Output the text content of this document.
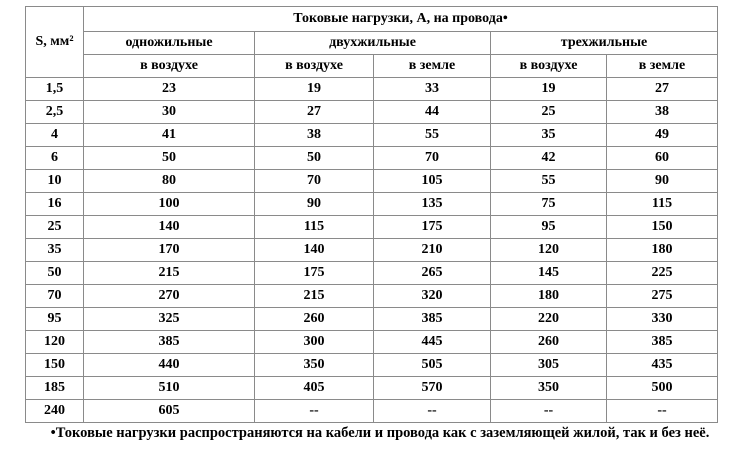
S, мм²	Токовые нагрузки, А, на провода•				
	одножильные	двухжильные		трехжильные	
	в воздухе	в воздухе	в земле	в воздухе	в земле
1,5	23	19	33	19	27
2,5	30	27	44	25	38
4	41	38	55	35	49
6	50	50	70	42	60
10	80	70	105	55	90
16	100	90	135	75	115
25	140	115	175	95	150
35	170	140	210	120	180
50	215	175	265	145	225
70	270	215	320	180	275
95	325	260	385	220	330
120	385	300	445	260	385
150	440	350	505	305	435
185	510	405	570	350	500
240	605	--	--	--	--
•Токовые нагрузки распространяются на кабели и провода как с заземляющей жилой, так и без неё.
